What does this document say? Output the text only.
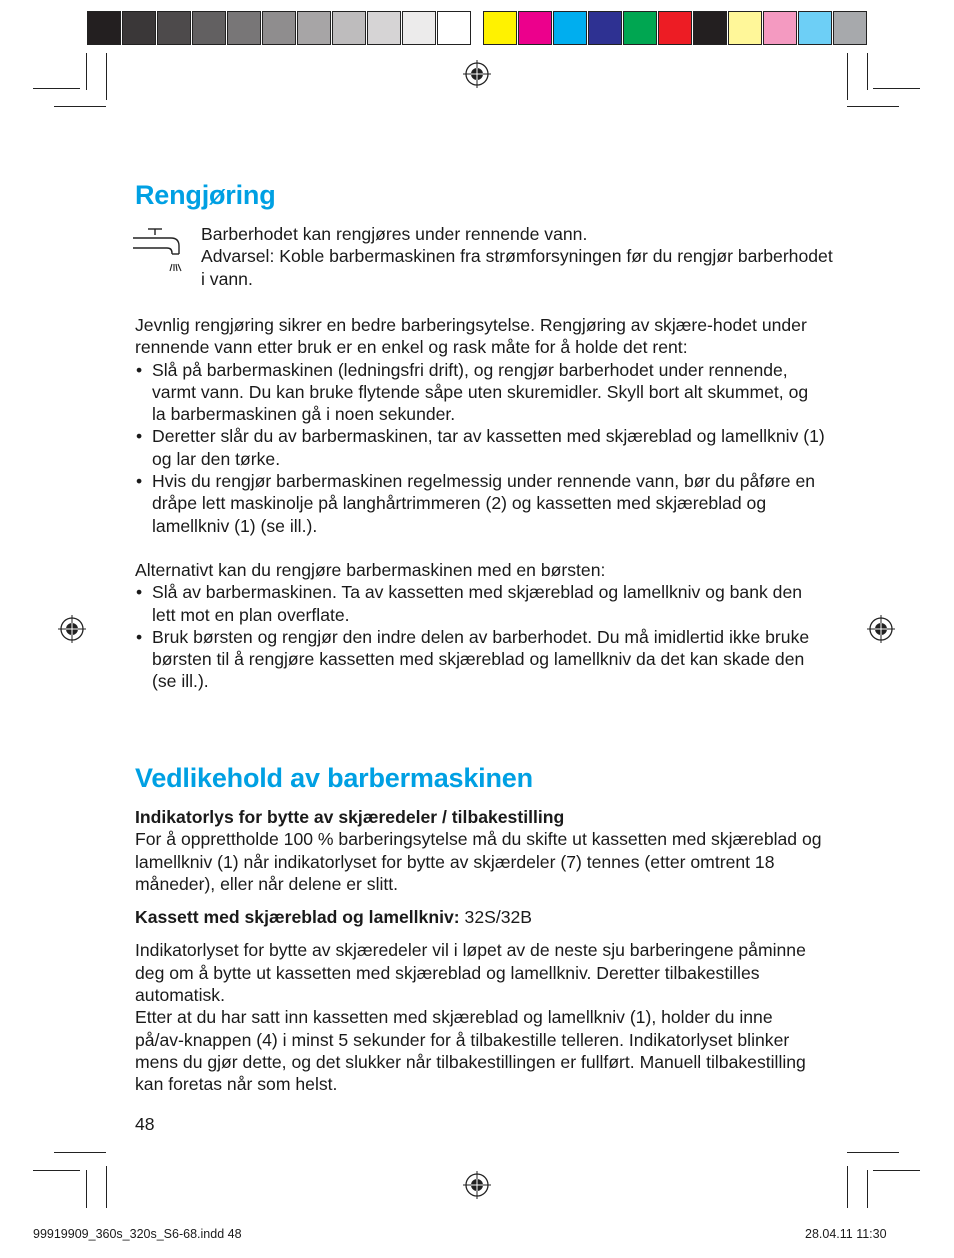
Rengjøring

Barberhodet kan rengjøres under rennende vann.

Advarsel: Koble barbermaskinen fra strømforsyningen før du rengjør barberhodet i vann.

Jevnlig rengjøring sikrer en bedre barberingsytelse. Rengjøring av skjære-hodet under rennende vann etter bruk er en enkel og rask måte for å holde det rent:

• Slå på barbermaskinen (ledningsfri drift), og rengjør barberhodet under rennende, varmt vann. Du kan bruke flytende såpe uten skuremidler. Skyll bort alt skummet, og la barbermaskinen gå i noen sekunder.
• Deretter slår du av barbermaskinen, tar av kassetten med skjæreblad og lamellkniv (1) og lar den tørke.
• Hvis du rengjør barbermaskinen regelmessig under rennende vann, bør du påføre en dråpe lett maskinolje på langhårtrimmeren (2) og kassetten med skjæreblad og lamellkniv (1) (se ill.).

Alternativt kan du rengjøre barbermaskinen med en børsten:

• Slå av barbermaskinen. Ta av kassetten med skjæreblad og lamellkniv og bank den lett mot en plan overflate.
• Bruk børsten og rengjør den indre delen av barberhodet. Du må imidlertid ikke bruke børsten til å rengjøre kassetten med skjæreblad og lamellkniv da det kan skade den (se ill.).
Vedlikehold av barbermaskinen

Indikatorlys for bytte av skjæredeler / tilbakestilling

For å opprettholde 100 % barberingsytelse må du skifte ut kassetten med skjæreblad og lamellkniv (1) når indikatorlyset for bytte av skjærdeler (7) tennes (etter omtrent 18 måneder), eller når delene er slitt.

Kassett med skjæreblad og lamellkniv: 32S/32B

Indikatorlyset for bytte av skjæredeler vil i løpet av de neste sju barberingene påminne deg om å bytte ut kassetten med skjæreblad og lamellkniv. Deretter tilbakestilles automatisk.

Etter at du har satt inn kassetten med skjæreblad og lamellkniv (1), holder du inne på/av-knappen (4) i minst 5 sekunder for å tilbakestille telleren. Indikatorlyset blinker mens du gjør dette, og det slukker når tilbakestillingen er fullført. Manuell tilbakestilling kan foretas når som helst.

48
99919909_360s_320s_S6-68.indd 48	28.04.11 11:30
